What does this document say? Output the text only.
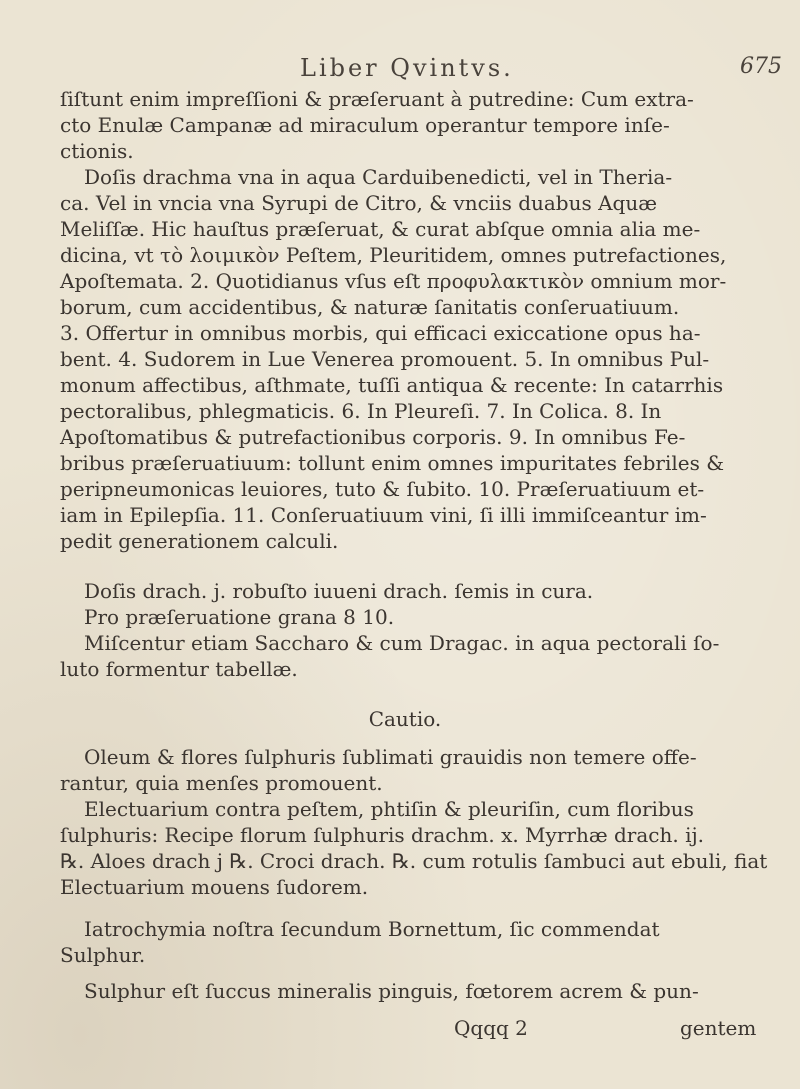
Liber Qvintvs.	675
ſiſtunt enim impreſſioni & præſeruant à putredine: Cum extra-
cto Enulæ Campanæ ad miraculum operantur tempore inſe-
ctionis.
Doſis drachma vna in aqua Carduibenedicti, vel in Theria-
ca. Vel in vncia vna Syrupi de Citro, & vnciis duabus Aquæ
Meliſſæ. Hic hauſtus præſeruat, & curat abſque omnia alia me-
dicina, vt τὸ λοιμικὸν Peſtem, Pleuritidem, omnes putrefactiones,
Apoſtemata. 2. Quotidianus vſus eſt προφυλακτικὸν omnium mor-
borum, cum accidentibus, & naturæ ſanitatis conſeruatiuum.
3. Offertur in omnibus morbis, qui efficaci exiccatione opus ha-
bent. 4. Sudorem in Lue Venerea promouent. 5. In omnibus Pul-
monum affectibus, aſthmate, tuſſi antiqua & recente: In catarrhis
pectoralibus, phlegmaticis. 6. In Pleureſi. 7. In Colica. 8. In
Apoſtomatibus & putrefactionibus corporis. 9. In omnibus Fe-
bribus præſeruatiuum: tollunt enim omnes impuritates febriles &
peripneumonicas leuiores, tuto & ſubito. 10. Præſeruatiuum et-
iam in Epilepſia. 11. Conſeruatiuum vini, ſi illi immiſceantur im-
pedit generationem calculi.
Doſis drach. j. robuſto iuueni drach. ſemis in cura.
Pro præſeruatione grana 8 10.
Miſcentur etiam Saccharo & cum Dragac. in aqua pectorali ſo-
luto formentur tabellæ.
Cautio.
Oleum & flores ſulphuris ſublimati grauidis non temere offe-
rantur, quia menſes promouent.
Electuarium contra peſtem, phtiſin & pleuriſin, cum floribus
ſulphuris: Recipe florum ſulphuris drachm. x. Myrrhæ drach. ij.
℞. Aloes drach j ℞. Croci drach. ℞. cum rotulis ſambuci aut ebuli, fiat
Electuarium mouens ſudorem.
Iatrochymia noſtra ſecundum Bornettum, ſic commendat
Sulphur.
Sulphur eſt ſuccus mineralis pinguis, fœtorem acrem & pun-
Qqqq 2	gentem
